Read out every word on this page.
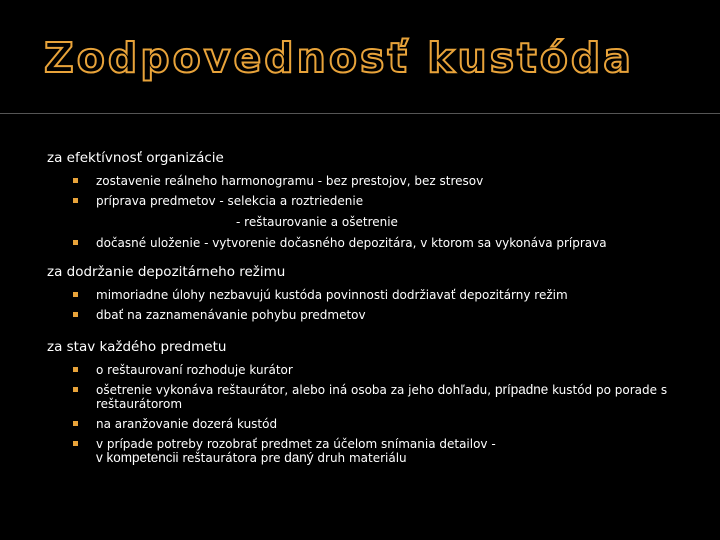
Zodpovednosť kustóda

za efektívnosť organizácie

zostavenie reálneho harmonogramu - bez prestojov, bez stresov
príprava predmetov - selekcia a roztriedenie
- reštaurovanie a ošetrenie
dočasné uloženie - vytvorenie dočasného depozitára, v ktorom sa vykonáva príprava

za dodržanie depozitárneho režimu

mimoriadne úlohy nezbavujú kustóda povinnosti dodržiavať depozitárny režim
dbať na zaznamenávanie pohybu predmetov

za stav každého predmetu

o reštaurovaní rozhoduje kurátor
ošetrenie vykonáva reštaurátor, alebo iná osoba za jeho dohľadu, prípadne kustód po porade s reštaurátorom
na aranžovanie dozerá kustód
v prípade potreby rozobrať predmet za účelom snímania detailov -
v kompetencii reštaurátora pre daný druh materiálu
